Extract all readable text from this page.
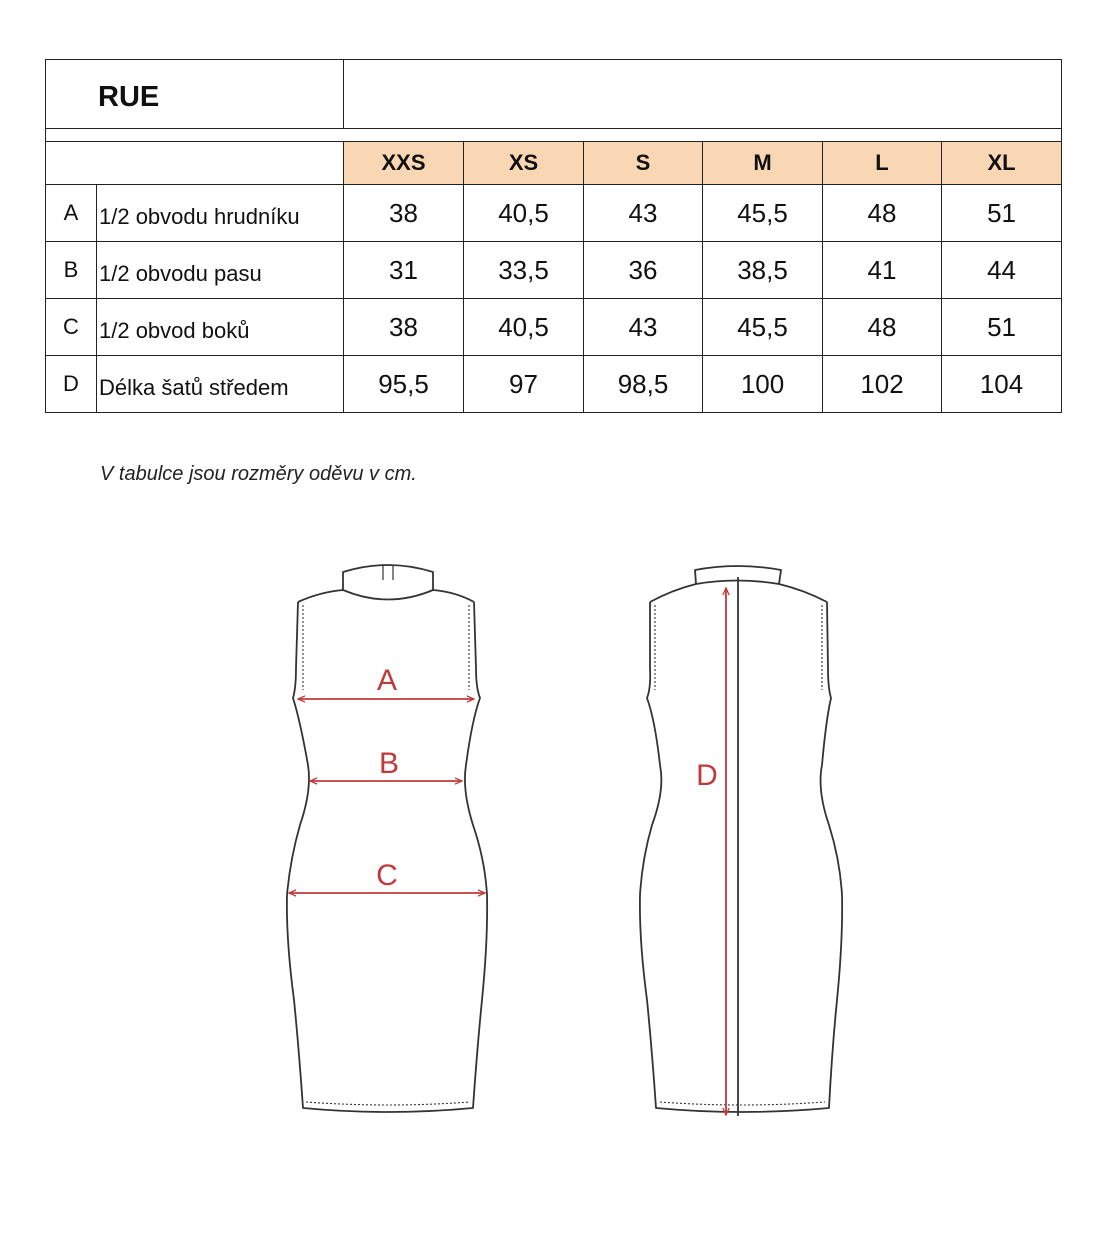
RUE							

		XXS	XS	S	M	L	XL
A	1/2 obvodu hrudníku	38	40,5	43	45,5	48	51
B	1/2 obvodu pasu	31	33,5	36	38,5	41	44
C	1/2 obvod boků	38	40,5	43	45,5	48	51
D	Délka šatů středem	95,5	97	98,5	100	102	104
V tabulce jsou rozměry oděvu v cm.
A
B
C
D
